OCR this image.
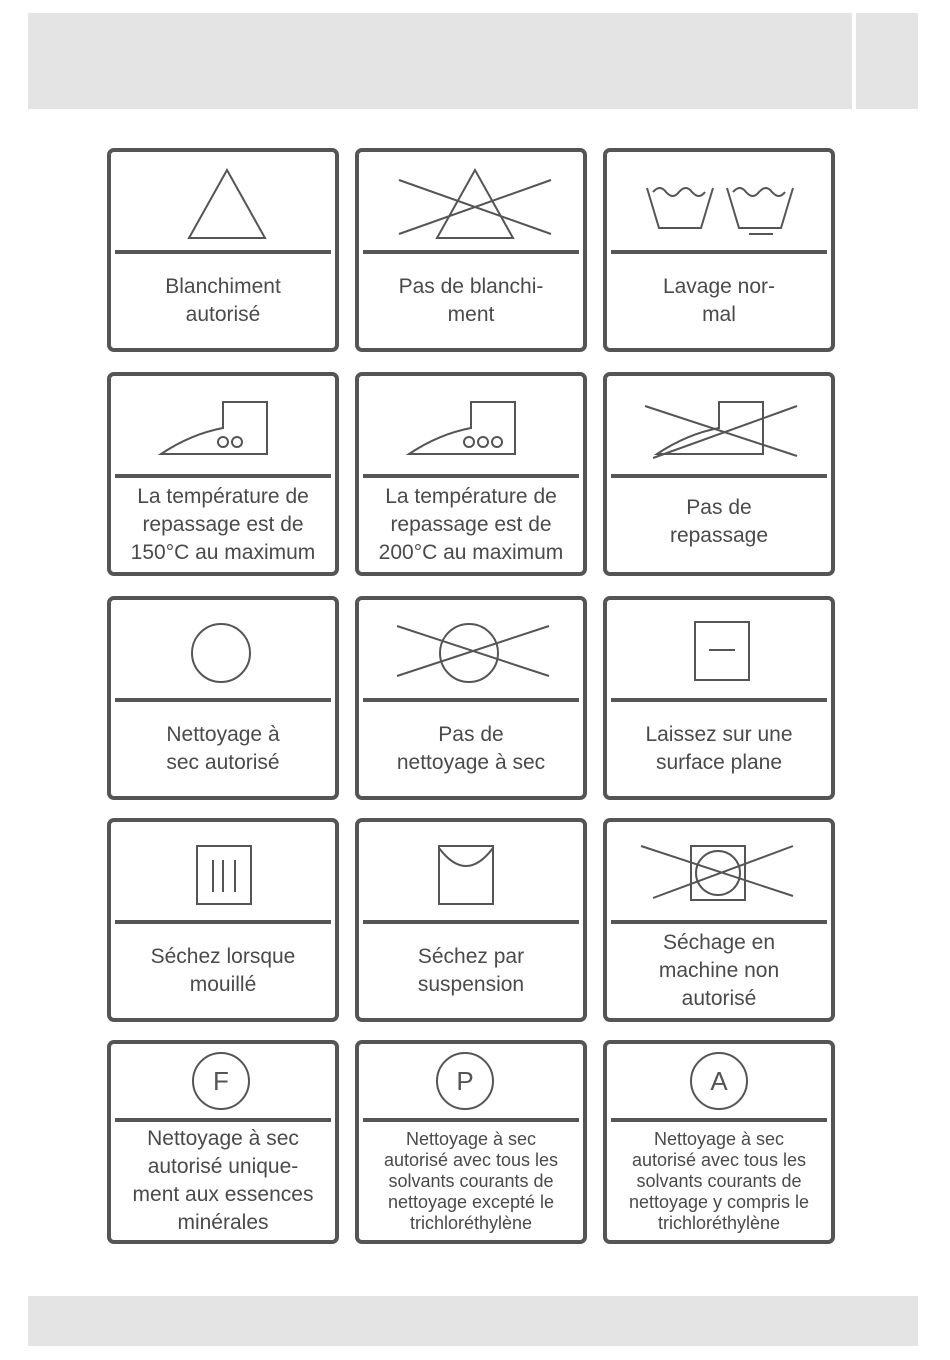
Blanchiment
autorisé
Pas de blanchi-
ment
Lavage nor-
mal
La température de
repassage est de
150°C au maximum
La température de
repassage est de
200°C au maximum
Pas de
repassage
Nettoyage à
sec autorisé
Pas de
nettoyage à sec
Laissez sur une
surface plane
Séchez lorsque
mouillé
Séchez par
suspension
Séchage en
machine non
autorisé
F
Nettoyage à sec
autorisé unique-
ment aux essences
minérales
P
Nettoyage à sec
autorisé avec tous les
solvants courants de
nettoyage excepté le
trichloréthylène
A
Nettoyage à sec
autorisé avec tous les
solvants courants de
nettoyage y compris le
trichloréthylène
